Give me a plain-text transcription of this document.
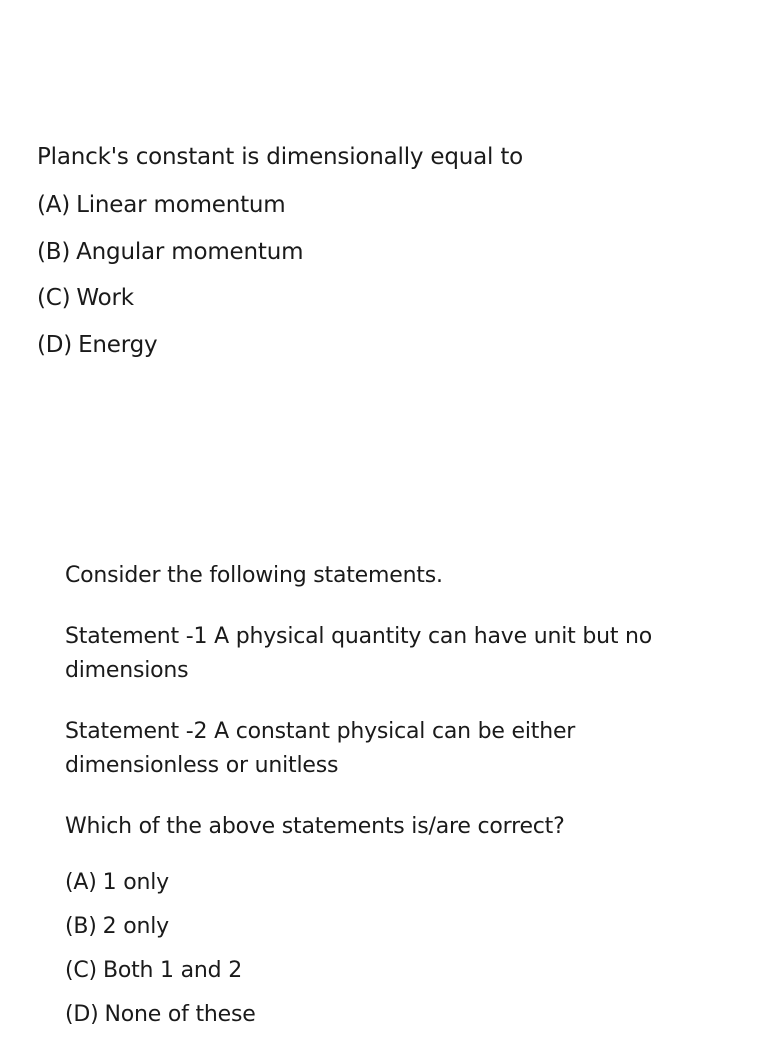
Planck's constant is dimensionally equal to

(A) Linear momentum
(B) Angular momentum
(C) Work
(D) Energy

Consider the following statements.

Statement -1 A physical quantity can have unit but no dimensions

Statement -2 A constant physical can be either dimensionless or unitless

Which of the above statements is/are correct?

(A) 1 only
(B) 2 only
(C) Both 1 and 2
(D) None of these
